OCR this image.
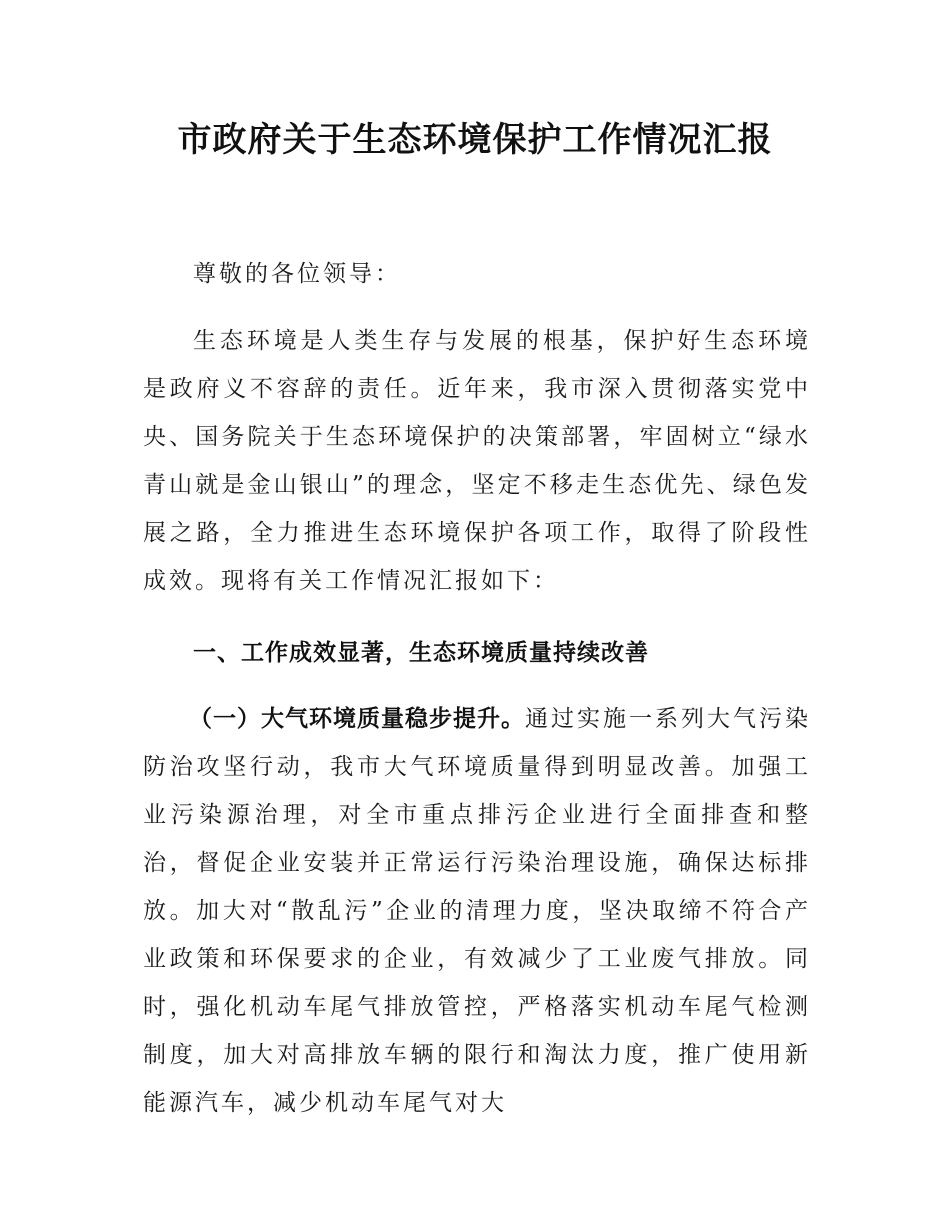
市政府关于生态环境保护工作情况汇报

尊敬的各位领导：

生态环境是人类生存与发展的根基，保护好生态环境是政府义不容辞的责任。近年来，我市深入贯彻落实党中央、国务院关于生态环境保护的决策部署，牢固树立“绿水青山就是金山银山”的理念，坚定不移走生态优先、绿色发展之路，全力推进生态环境保护各项工作，取得了阶段性成效。现将有关工作情况汇报如下：

一、工作成效显著，生态环境质量持续改善

（一）大气环境质量稳步提升。通过实施一系列大气污染防治攻坚行动，我市大气环境质量得到明显改善。加强工业污染源治理，对全市重点排污企业进行全面排查和整治，督促企业安装并正常运行污染治理设施，确保达标排放。加大对“散乱污”企业的清理力度，坚决取缔不符合产业政策和环保要求的企业，有效减少了工业废气排放。同时，强化机动车尾气排放管控，严格落实机动车尾气检测制度，加大对高排放车辆的限行和淘汰力度，推广使用新能源汽车，减少机动车尾气对大
